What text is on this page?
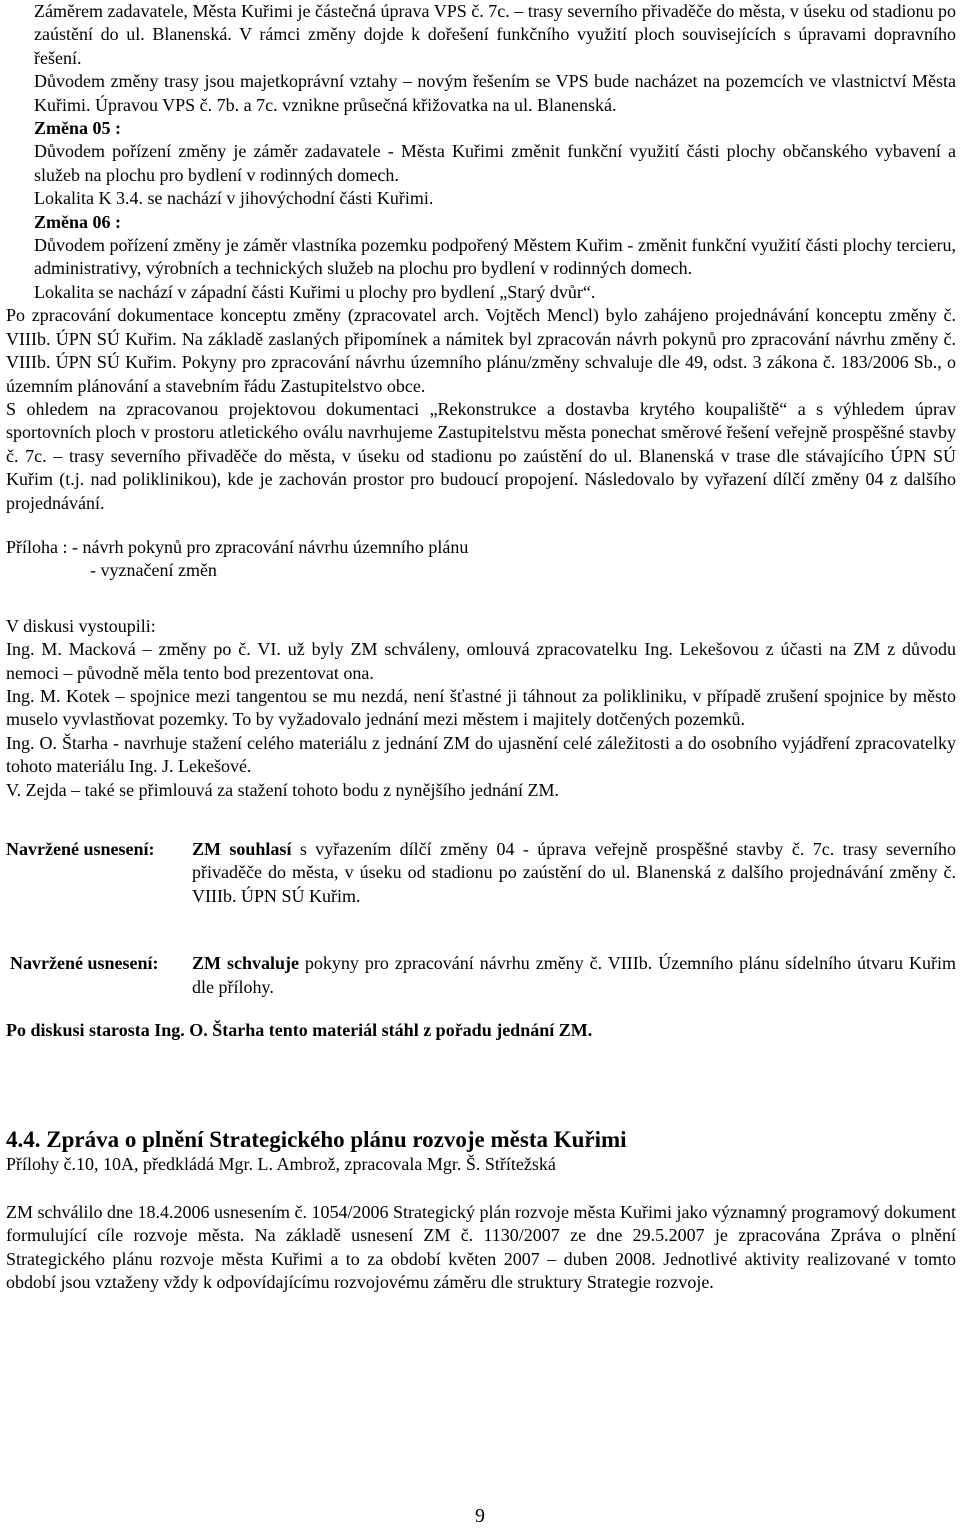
Záměrem zadavatele, Města Kuřimi je částečná úprava VPS č. 7c. – trasy severního přivaděče do města, v úseku od stadionu po zaústění do ul. Blanenská. V rámci změny dojde k dořešení funkčního využití ploch souvisejících s úpravami dopravního řešení.

Důvodem změny trasy jsou majetkoprávní vztahy – novým řešením se VPS bude nacházet na pozemcích ve vlastnictví Města Kuřimi. Úpravou VPS č. 7b. a 7c. vznikne průsečná křižovatka na ul. Blanenská.

Změna 05 :

Důvodem pořízení změny je záměr zadavatele - Města Kuřimi změnit funkční využití části plochy občanského vybavení a služeb na plochu pro bydlení v rodinných domech.

Lokalita K 3.4. se nachází v jihovýchodní části Kuřimi.

Změna 06 :

Důvodem pořízení změny je záměr vlastníka pozemku podpořený Městem Kuřim - změnit funkční využití části plochy tercieru, administrativy, výrobních a technických služeb na plochu pro bydlení v rodinných domech.

Lokalita se nachází v západní části Kuřimi u plochy pro bydlení „Starý dvůr“.

Po zpracování dokumentace konceptu změny (zpracovatel arch. Vojtěch Mencl) bylo zahájeno projednávání konceptu změny č. VIIIb. ÚPN SÚ Kuřim. Na základě zaslaných připomínek a námitek byl zpracován návrh pokynů pro zpracování návrhu změny č. VIIIb. ÚPN SÚ Kuřim. Pokyny pro zpracování návrhu územního plánu/změny schvaluje dle 49, odst. 3 zákona č. 183/2006 Sb., o územním plánování a stavebním řádu Zastupitelstvo obce.

S ohledem na zpracovanou projektovou dokumentaci „Rekonstrukce a dostavba krytého koupaliště“ a s výhledem úprav sportovních ploch v prostoru atletického oválu navrhujeme Zastupitelstvu města ponechat směrové řešení veřejně prospěšné stavby č. 7c. – trasy severního přivaděče do města, v úseku od stadionu po zaústění do ul. Blanenská v trase dle stávajícího ÚPN SÚ Kuřim (t.j. nad poliklinikou), kde je zachován prostor pro budoucí propojení. Následovalo by vyřazení dílčí změny 04 z dalšího projednávání.

Příloha : - návrh pokynů pro zpracování návrhu územního plánu

- vyznačení změn

V diskusi vystoupili:

Ing. M. Macková – změny po č. VI. už byly ZM schváleny, omlouvá zpracovatelku Ing. Lekešovou z účasti na ZM z důvodu nemoci – původně měla tento bod prezentovat ona.

Ing. M. Kotek – spojnice mezi tangentou se mu nezdá, není šťastné ji táhnout za polikliniku, v případě zrušení spojnice by město muselo vyvlastňovat pozemky. To by vyžadovalo jednání mezi městem i majitely dotčených pozemků.

Ing. O. Štarha - navrhuje stažení celého materiálu z jednání ZM do ujasnění celé záležitosti a do osobního vyjádření zpracovatelky tohoto materiálu Ing. J. Lekešové.

V. Zejda – také se přimlouvá za stažení tohoto bodu z nynějšího jednání ZM.

Navržené usnesení:	ZM souhlasí s vyřazením dílčí změny 04 - úprava veřejně prospěšné stavby č. 7c. trasy severního přivaděče do města, v úseku od stadionu po zaústění do ul. Blanenská z dalšího projednávání změny č. VIIIb. ÚPN SÚ Kuřim.
Navržené usnesení:	ZM schvaluje pokyny pro zpracování návrhu změny č. VIIIb. Územního plánu sídelního útvaru Kuřim dle přílohy.

Po diskusi starosta Ing. O. Štarha tento materiál stáhl z pořadu jednání ZM.

4.4. Zpráva o plnění Strategického plánu rozvoje města Kuřimi

Přílohy č.10, 10A, předkládá Mgr. L. Ambrož, zpracovala Mgr. Š. Střítežská

ZM schválilo dne 18.4.2006 usnesením č. 1054/2006 Strategický plán rozvoje města Kuřimi jako významný programový dokument formulující cíle rozvoje města. Na základě usnesení ZM č. 1130/2007 ze dne 29.5.2007 je zpracována Zpráva o plnění Strategického plánu rozvoje města Kuřimi a to za období květen 2007 – duben 2008. Jednotlivé aktivity realizované v tomto období jsou vztaženy vždy k odpovídajícímu rozvojovému záměru dle struktury Strategie rozvoje.

9
